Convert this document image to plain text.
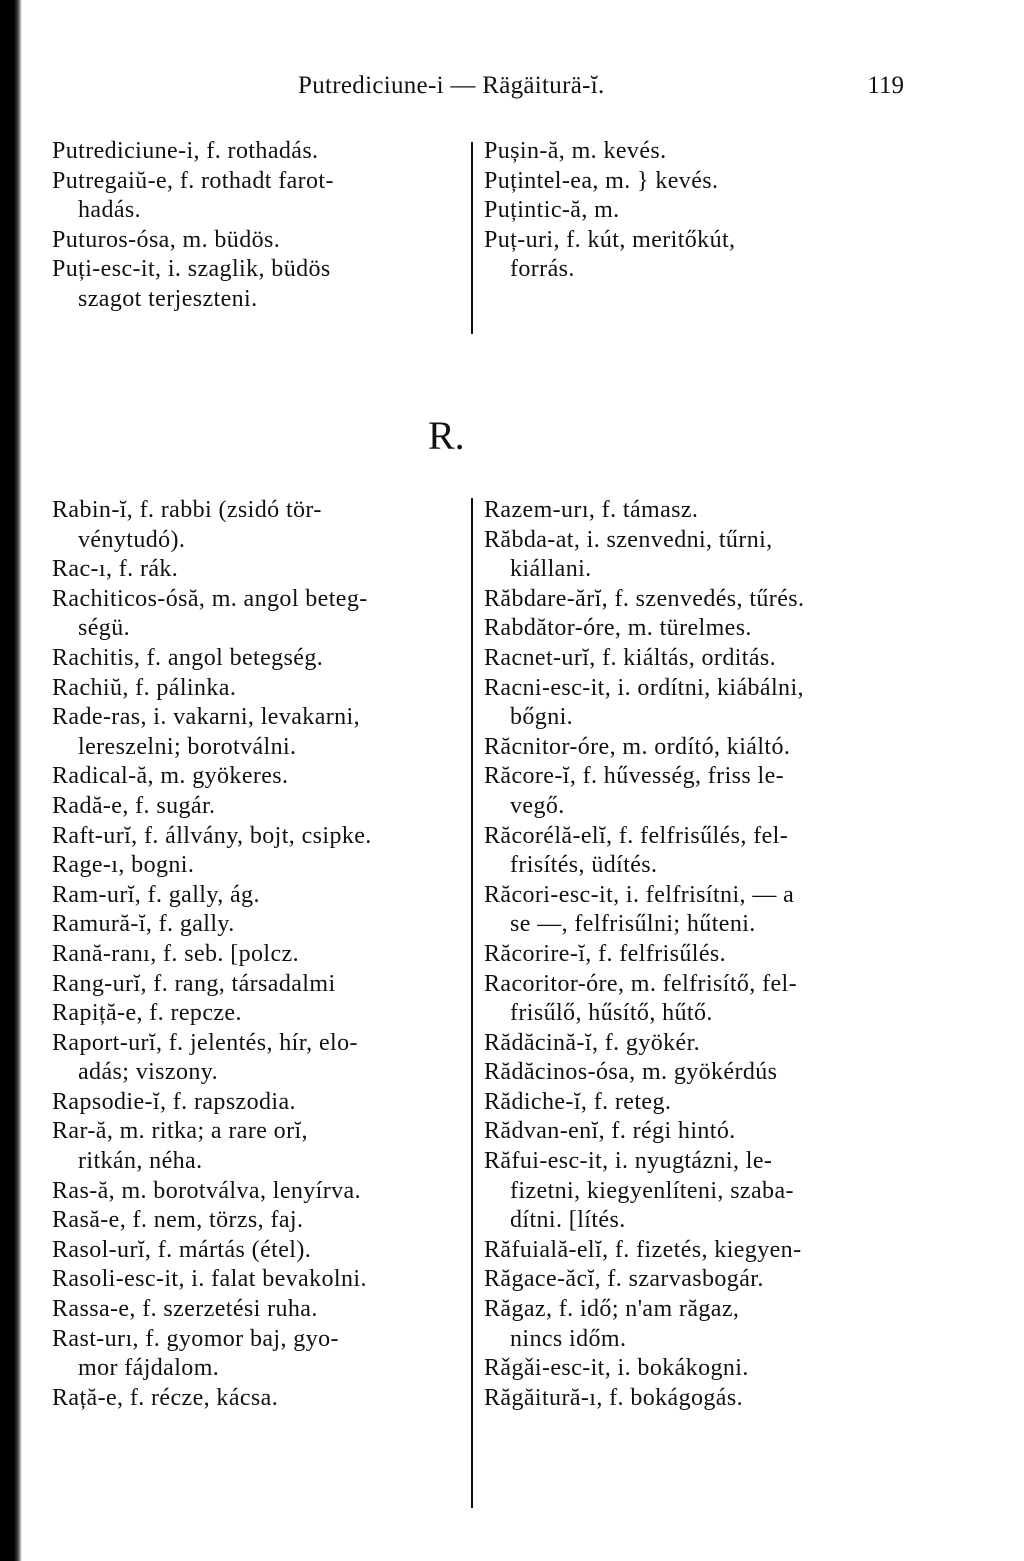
Putrediciune-i — Rägäiturä-ĭ.	119
Putrediciune-i, f. rothadás.
Putregaiŭ-e, f. rothadt farot-
hadás.
Puturos-ósa, m. büdös.
Puți-esc-it, i. szaglik, büdös
szagot terjeszteni.
Pușin-ă, m. kevés.
Puțintel-ea, m. } kevés.
Puțintic-ă, m.
Puț-uri, f. kút, meritőkút,
forrás.
R.
Rabin-ĭ, f. rabbi (zsidó tör-
vénytudó).
Rac-ı, f. rák.
Rachiticos-ósă, m. angol beteg-
ségü.
Rachitis, f. angol betegség.
Rachiŭ, f. pálinka.
Rade-ras, i. vakarni, levakarni,
lereszelni; borotválni.
Radical-ă, m. gyökeres.
Radă-e, f. sugár.
Raft-urĭ, f. állvány, bojt, csipke.
Rage-ı, bogni.
Ram-urĭ, f. gally, ág.
Ramură-ĭ, f. gally.
Rană-ranı, f. seb. [polcz.
Rang-urĭ, f. rang, társadalmi
Rapiță-e, f. repcze.
Raport-urĭ, f. jelentés, hír, elo-
adás; viszony.
Rapsodie-ĭ, f. rapszodia.
Rar-ă, m. ritka; a rare orĭ,
ritkán, néha.
Ras-ă, m. borotválva, lenyírva.
Rasă-e, f. nem, törzs, faj.
Rasol-urĭ, f. mártás (étel).
Rasoli-esc-it, i. falat bevakolni.
Rassa-e, f. szerzetési ruha.
Rast-urı, f. gyomor baj, gyo-
mor fájdalom.
Rață-e, f. récze, kácsa.
Razem-urı, f. támasz.
Răbda-at, i. szenvedni, tűrni,
kiállani.
Răbdare-ărĭ, f. szenvedés, tűrés.
Rabdător-óre, m. türelmes.
Racnet-urĭ, f. kiáltás, orditás.
Racni-esc-it, i. ordítni, kiábálni,
bőgni.
Răcnitor-óre, m. ordító, kiáltó.
Răcore-ĭ, f. hűvesség, friss le-
vegő.
Răcorélă-elĭ, f. felfrisűlés, fel-
frisítés, üdítés.
Răcori-esc-it, i. felfrisítni, — a
se —, felfrisűlni; hűteni.
Răcorire-ĭ, f. felfrisűlés.
Racoritor-óre, m. felfrisítő, fel-
frisűlő, hűsítő, hűtő.
Rădăcină-ĭ, f. gyökér.
Rădăcinos-ósa, m. gyökérdús
Rădiche-ĭ, f. reteg.
Rădvan-enĭ, f. régi hintó.
Răfui-esc-it, i. nyugtázni, le-
fizetni, kiegyenlíteni, szaba-
dítni. [lítés.
Răfuială-elĭ, f. fizetés, kiegyen-
Răgace-ăcĭ, f. szarvasbogár.
Răgaz, f. idő; n'am răgaz,
nincs időm.
Rǎgǎi-esc-it, i. bokákogni.
Răgăitură-ı, f. bokágogás.
